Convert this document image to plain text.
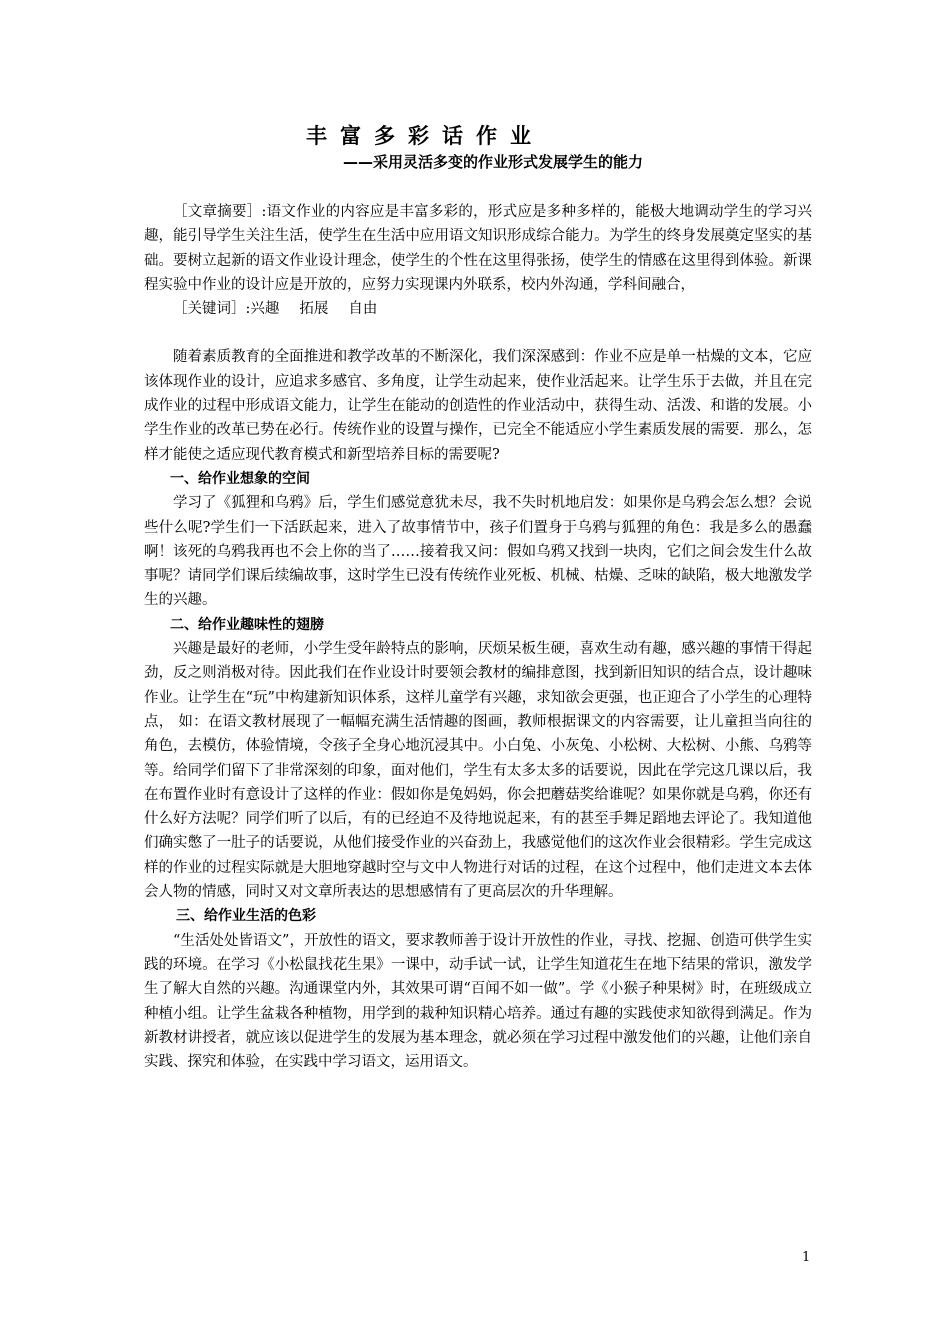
丰富多彩话作业
——采用灵活多变的作业形式发展学生的能力

［文章摘要］:语文作业的内容应是丰富多彩的，形式应是多种多样的，能极大地调动学生的学习兴趣，能引导学生关注生活，使学生在生活中应用语文知识形成综合能力。为学生的终身发展奠定坚实的基础。要树立起新的语文作业设计理念，使学生的个性在这里得张扬，使学生的情感在这里得到体验。新课程实验中作业的设计应是开放的，应努力实现课内外联系，校内外沟通，学科间融合，

［关键词］:兴趣 拓展 自由

随着素质教育的全面推进和教学改革的不断深化，我们深深感到：作业不应是单一枯燥的文本，它应该体现作业的设计，应追求多感官、多角度，让学生动起来，使作业活起来。让学生乐于去做，并且在完成作业的过程中形成语文能力，让学生在能动的创造性的作业活动中，获得生动、活泼、和谐的发展。小学生作业的改革已势在必行。传统作业的设置与操作，已完全不能适应小学生素质发展的需要．那么，怎样才能使之适应现代教育模式和新型培养目标的需要呢?

一、给作业想象的空间

学习了《狐狸和乌鸦》后，学生们感觉意犹未尽，我不失时机地启发：如果你是乌鸦会怎么想？会说些什么呢?学生们一下活跃起来，进入了故事情节中，孩子们置身于乌鸦与狐狸的角色：我是多么的愚蠢啊！该死的乌鸦我再也不会上你的当了……接着我又问：假如乌鸦又找到一块肉，它们之间会发生什么故事呢？请同学们课后续编故事，这时学生已没有传统作业死板、机械、枯燥、乏味的缺陷，极大地激发学生的兴趣。

二、给作业趣味性的翅膀

兴趣是最好的老师，小学生受年龄特点的影响，厌烦呆板生硬，喜欢生动有趣，感兴趣的事情干得起劲，反之则消极对待。因此我们在作业设计时要领会教材的编排意图，找到新旧知识的结合点，设计趣味作业。让学生在“玩”中构建新知识体系，这样儿童学有兴趣，求知欲会更强，也正迎合了小学生的心理特点， 如：在语文教材展现了一幅幅充满生活情趣的图画，教师根据课文的内容需要，让儿童担当向往的角色，去模仿，体验情境，令孩子全身心地沉浸其中。小白兔、小灰兔、小松树、大松树、小熊、乌鸦等等。给同学们留下了非常深刻的印象，面对他们，学生有太多太多的话要说，因此在学完这几课以后，我在布置作业时有意设计了这样的作业：假如你是兔妈妈，你会把蘑菇奖给谁呢？如果你就是乌鸦，你还有什么好方法呢？同学们听了以后，有的已经迫不及待地说起来，有的甚至手舞足蹈地去评论了。我知道他们确实憋了一肚子的话要说，从他们接受作业的兴奋劲上，我感觉他们的这次作业会很精彩。学生完成这样的作业的过程实际就是大胆地穿越时空与文中人物进行对话的过程，在这个过程中，他们走进文本去体会人物的情感，同时又对文章所表达的思想感情有了更高层次的升华理解。

三、给作业生活的色彩

“生活处处皆语文”，开放性的语文，要求教师善于设计开放性的作业，寻找、挖掘、创造可供学生实践的环境。在学习《小松鼠找花生果》一课中，动手试一试，让学生知道花生在地下结果的常识，激发学生了解大自然的兴趣。沟通课堂内外，其效果可谓“百闻不如一做”。学《小猴子种果树》时，在班级成立种植小组。让学生盆栽各种植物，用学到的栽种知识精心培养。通过有趣的实践使求知欲得到满足。作为新教材讲授者，就应该以促进学生的发展为基本理念，就必须在学习过程中激发他们的兴趣，让他们亲自实践、探究和体验，在实践中学习语文，运用语文。

1
